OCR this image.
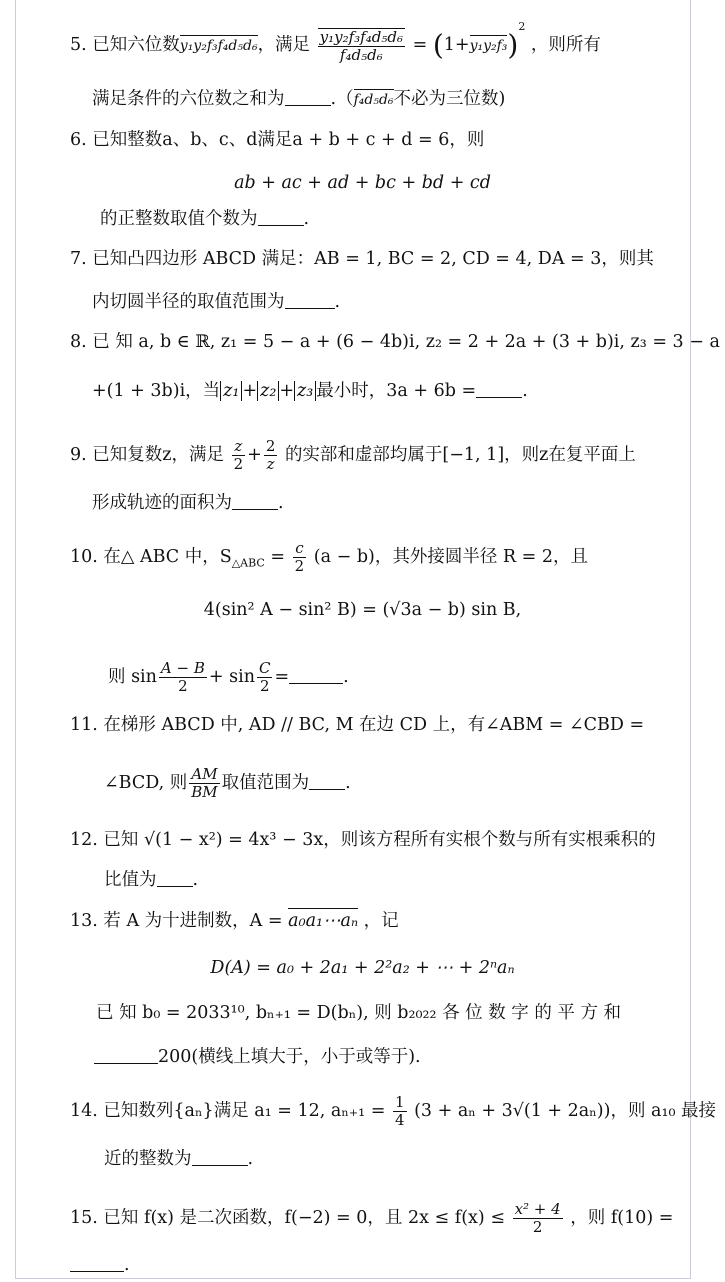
5. 已知六位数y₁y₂f₃f₄d₅d₆，满足 $\frac{\text{y₁y₂f₃f₄d₅d₆}}{\text{f₄d₅d₆}} = (1+y_1y_2f_3)^2$ ，则所有
满足条件的六位数之和为	.（f₄d₅d₆不必为三位数)
6. 已知整数a、b、c、d满足a + b + c + d = 6，则
ab + ac + ad + bc + bd + cd
的正整数取值个数为	.
7. 已知凸四边形 ABCD 满足：AB = 1, BC = 2, CD = 4, DA = 3，则其
内切圆半径的取值范围为	.
8. 已 知 a, b ∈ ℝ, z₁ = 5 − a + (6 − 4b)i, z₂ = 2 + 2a + (3 + b)i, z₃ = 3 − a
+(1 + 3b)i，当 z₁ + z₂ + z₃ 最小时，3a + 6b =	.
9. 已知复数z，满足 $\frac{z}{2} + \frac{2}{z}$ 的实部和虚部均属于[−1, 1]，则z在复平面上
形成轨迹的面积为	.
10. 在△ ABC 中，$S_{\triangle ABC} = \frac{c}{2} (a - b)$，其外接圆半径 R = 2，且
4(sin² A − sin² B) = (√3a − b) sin B,
则 $\sin \frac{A - B}{2} + \sin \frac{C}{2}$ =	.
11. 在梯形 ABCD 中, AD // BC, M 在边 CD 上，有∠ABM = ∠CBD =
∠BCD, 则 $\frac{AM}{BM}$ 取值范围为 .
12. 已知 √(1 − x²) = 4x³ − 3x，则该方程所有实根个数与所有实根乘积的
比值为 .
13. 若 A 为十进制数，A = a₀a₁⋯aₙ ，记
D(A) = a₀ + 2a₁ + 2²a₂ + ⋯ + 2ⁿaₙ
已 知 b₀ = 2033¹⁰, bₙ₊₁ = D(bₙ), 则 b₂₀₂₂ 各 位 数 字 的 平 方 和
200(横线上填大于，小于或等于).
14. 已知数列{aₙ}满足 a₁ = 12, $a_{n+1} = \frac{1}{4} (3 + a_n + 3√(1 + 2a_n))$，则 a₁₀ 最接
近的整数为	.
15. 已知 f(x) 是二次函数，f(−2) = 0，且 $2x \le f(x) \le \frac{\text{x² + 4}}{2}$ ，则 f(10) =
.
